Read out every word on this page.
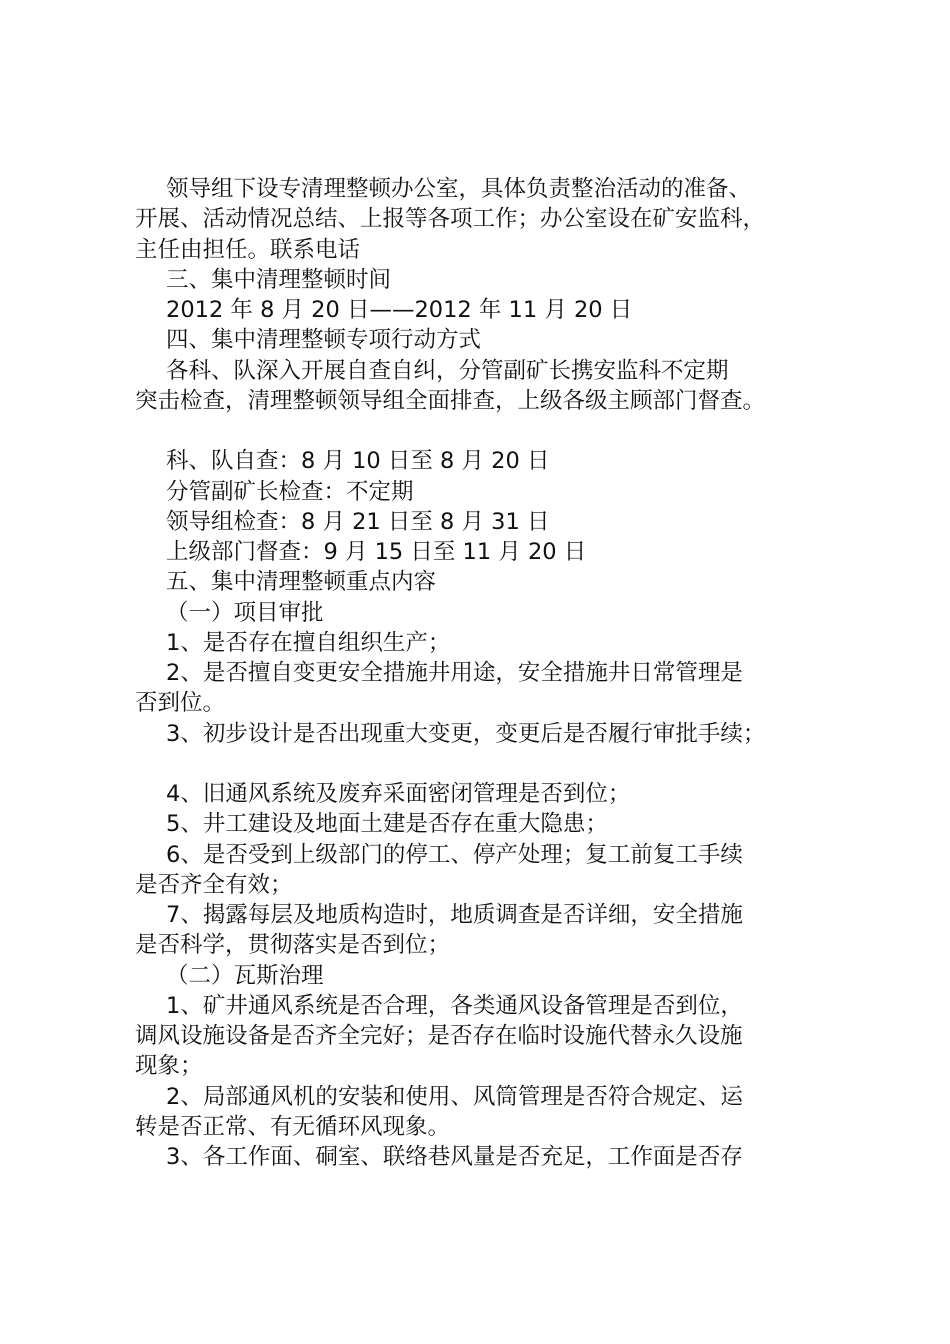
领导组下设专清理整顿办公室，具体负责整治活动的准备、

开展、活动情况总结、上报等各项工作；办公室设在矿安监科，

主任由担任。联系电话

三、集中清理整顿时间

2012 年 8 月 20 日——2012 年 11 月 20 日

四、集中清理整顿专项行动方式

各科、队深入开展自查自纠，分管副矿长携安监科不定期

突击检查，清理整顿领导组全面排查，上级各级主顾部门督查。

科、队自查：8 月 10 日至 8 月 20 日

分管副矿长检查：不定期

领导组检查：8 月 21 日至 8 月 31 日

上级部门督查：9 月 15 日至 11 月 20 日

五、集中清理整顿重点内容

（一）项目审批

1、是否存在擅自组织生产；

2、是否擅自变更安全措施井用途，安全措施井日常管理是

否到位。

3、初步设计是否出现重大变更，变更后是否履行审批手续；

4、旧通风系统及废弃采面密闭管理是否到位；

5、井工建设及地面土建是否存在重大隐患；

6、是否受到上级部门的停工、停产处理；复工前复工手续

是否齐全有效；

7、揭露每层及地质构造时，地质调查是否详细，安全措施

是否科学，贯彻落实是否到位；

（二）瓦斯治理

1、矿井通风系统是否合理，各类通风设备管理是否到位，

调风设施设备是否齐全完好；是否存在临时设施代替永久设施

现象；

2、局部通风机的安装和使用、风筒管理是否符合规定、运

转是否正常、有无循环风现象。

3、各工作面、硐室、联络巷风量是否充足，工作面是否存
